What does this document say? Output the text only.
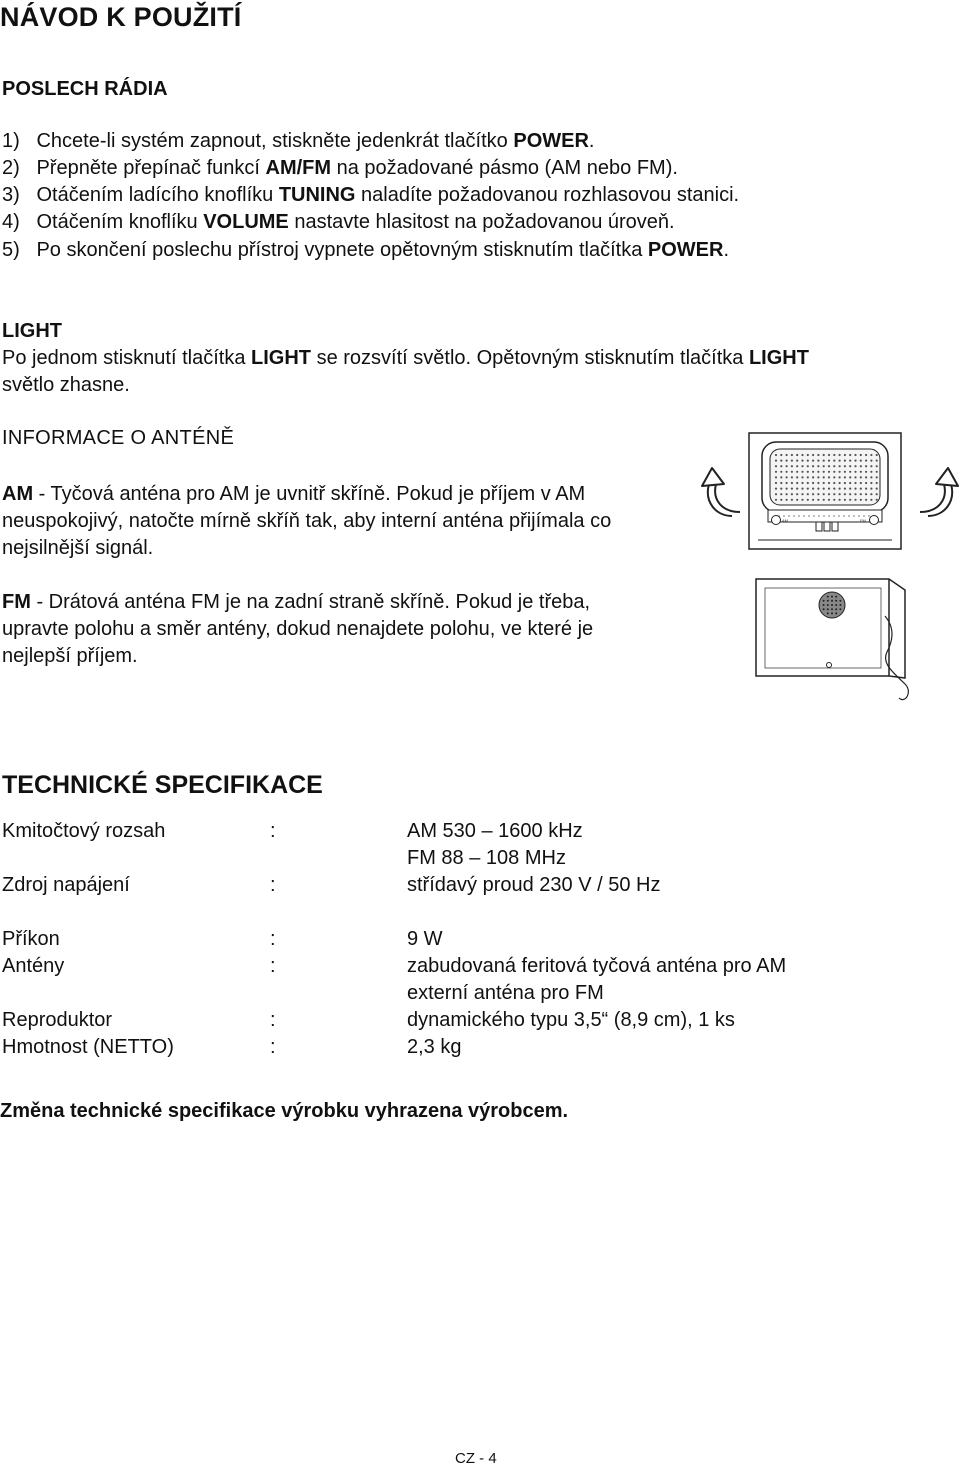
NÁVOD K POUŽITÍ
POSLECH RÁDIA
1) Chcete-li systém zapnout, stiskněte jedenkrát tlačítko POWER.
2) Přepněte přepínač funkcí AM/FM na požadované pásmo (AM nebo FM).
3) Otáčením ladícího knoflíku TUNING naladíte požadovanou rozhlasovou stanici.
4) Otáčením knoflíku VOLUME nastavte hlasitost na požadovanou úroveň.
5) Po skončení poslechu přístroj vypnete opětovným stisknutím tlačítka POWER.
LIGHT
Po jednom stisknutí tlačítka LIGHT se rozsvítí světlo. Opětovným stisknutím tlačítka LIGHT
světlo zhasne.
INFORMACE O ANTÉNĚ
AM - Tyčová anténa pro AM je uvnitř skříně. Pokud je příjem v AM
neuspokojivý, natočte mírně skříň tak, aby interní anténa přijímala co
nejsilnější signál.
FM - Drátová anténa FM je na zadní straně skříně. Pokud je třeba,
upravte polohu a směr antény, dokud nenajdete polohu, ve které je
nejlepší příjem.
AM	FM
TECHNICKÉ SPECIFIKACE
Kmitočtový rozsah	:	AM 530 – 1600 kHz
FM 88 – 108 MHz
Zdroj napájení	:	střídavý proud 230 V / 50 Hz
Příkon	:	9 W
Antény	:	zabudovaná feritová tyčová anténa pro AM
externí anténa pro FM
Reproduktor	:	dynamického typu 3,5“ (8,9 cm), 1 ks
Hmotnost (NETTO)	:	2,3 kg
Změna technické specifikace výrobku vyhrazena výrobcem.
CZ - 4
